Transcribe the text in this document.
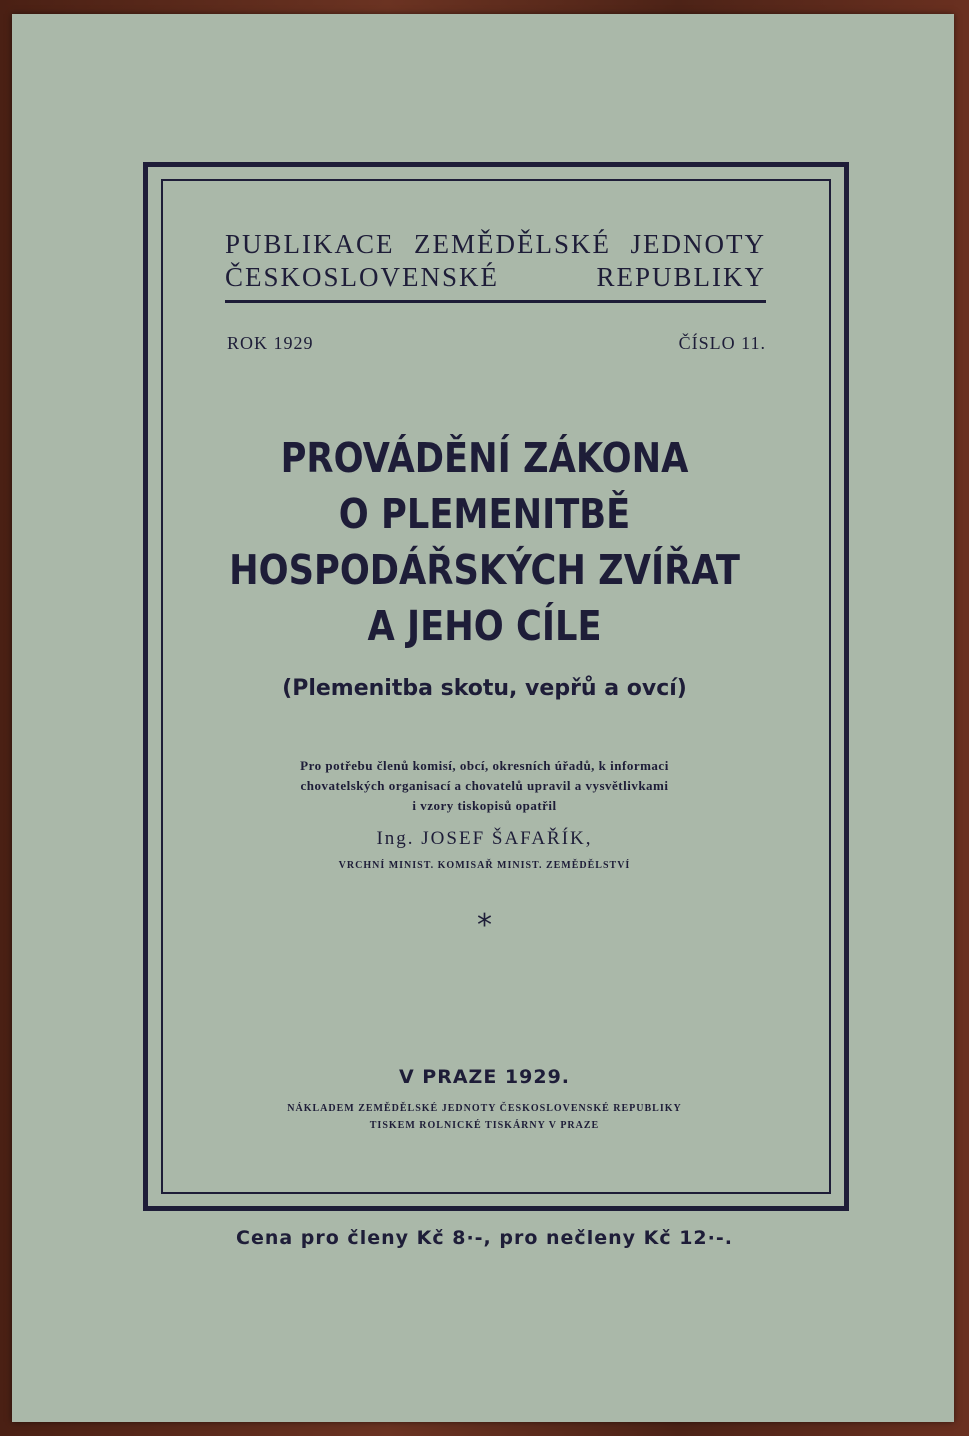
PUBLIKACE ZEMĚDĚLSKÉ JEDNOTY
ČESKOSLOVENSKÉ REPUBLIKY
ROK 1929	ČÍSLO 11.
PROVÁDĚNÍ ZÁKONA
O PLEMENITBĚ
HOSPODÁŘSKÝCH ZVÍŘAT
A JEHO CÍLE
(Plemenitba skotu, vepřů a ovcí)
Pro potřebu členů komisí, obcí, okresních úřadů, k informaci
chovatelských organisací a chovatelů upravil a vysvětlivkami
i vzory tiskopisů opatřil
Ing. JOSEF ŠAFAŘÍK,
VRCHNÍ MINIST. KOMISAŘ MINIST. ZEMĚDĚLSTVÍ
*
V PRAZE 1929.
NÁKLADEM ZEMĚDĚLSKÉ JEDNOTY ČESKOSLOVENSKÉ REPUBLIKY
TISKEM ROLNICKÉ TISKÁRNY V PRAZE
Cena pro členy Kč 8·-, pro nečleny Kč 12·-.
